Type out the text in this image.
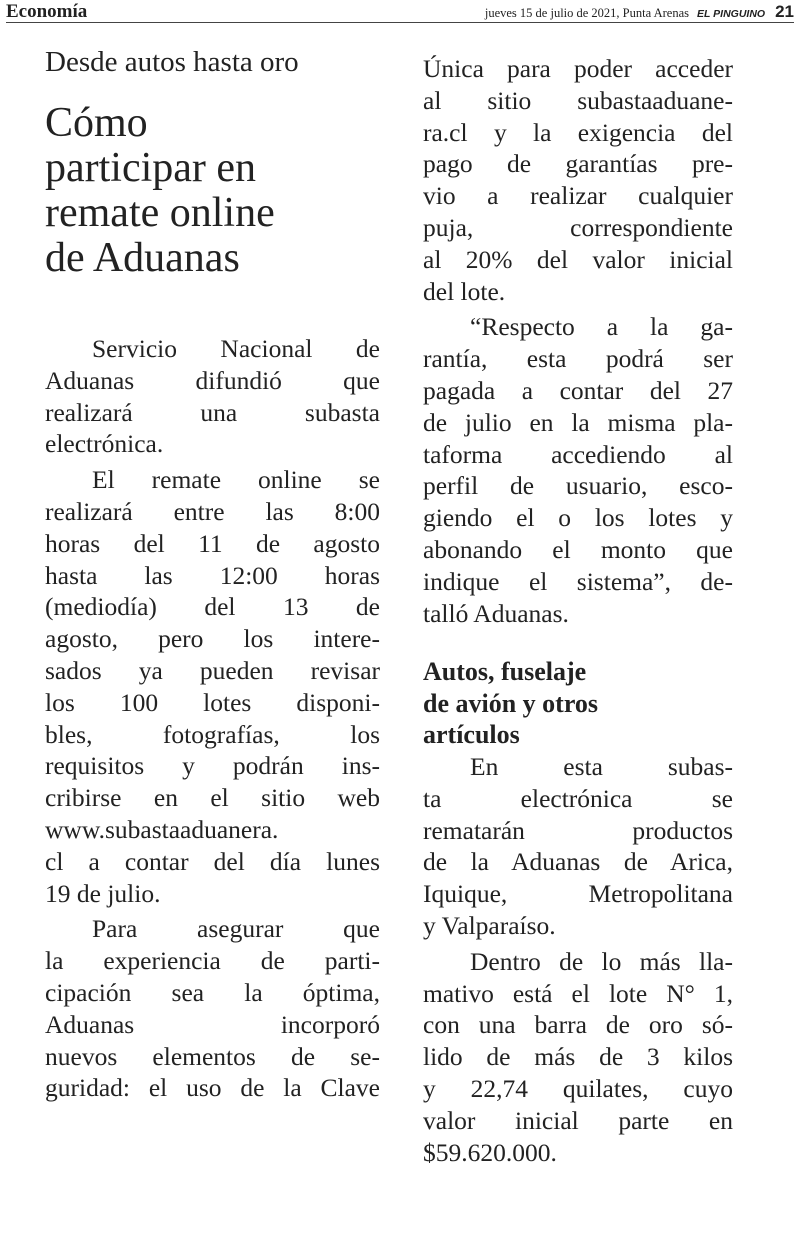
Economía	jueves 15 de julio de 2021, Punta Arenas EL PINGUINO 21
Desde autos hasta oro
Cómo
participar en
remate online
de Aduanas

Servicio Nacional de
Aduanas difundió que
realizará una subasta
electrónica.

El remate online se
realizará entre las 8:00
horas del 11 de agosto
hasta las 12:00 horas
(mediodía) del 13 de
agosto, pero los intere-
sados ya pueden revisar
los 100 lotes disponi-
bles, fotografías, los
requisitos y podrán ins-
cribirse en el sitio web
www.subastaaduanera.
cl a contar del día lunes
19 de julio.

Para asegurar que
la experiencia de parti-
cipación sea la óptima,
Aduanas incorporó
nuevos elementos de se-
guridad: el uso de la Clave

Única para poder acceder
al sitio subastaaduane-
ra.cl y la exigencia del
pago de garantías pre-
vio a realizar cualquier
puja, correspondiente
al 20% del valor inicial
del lote.

“Respecto a la ga-
rantía, esta podrá ser
pagada a contar del 27
de julio en la misma pla-
taforma accediendo al
perfil de usuario, esco-
giendo el o los lotes y
abonando el monto que
indique el sistema”, de-
talló Aduanas.

Autos, fuselaje
de avión y otros
artículos

En esta subas-
ta electrónica se
rematarán productos
de la Aduanas de Arica,
Iquique, Metropolitana
y Valparaíso.

Dentro de lo más lla-
mativo está el lote N° 1,
con una barra de oro só-
lido de más de 3 kilos
y 22,74 quilates, cuyo
valor inicial parte en
$59.620.000.
